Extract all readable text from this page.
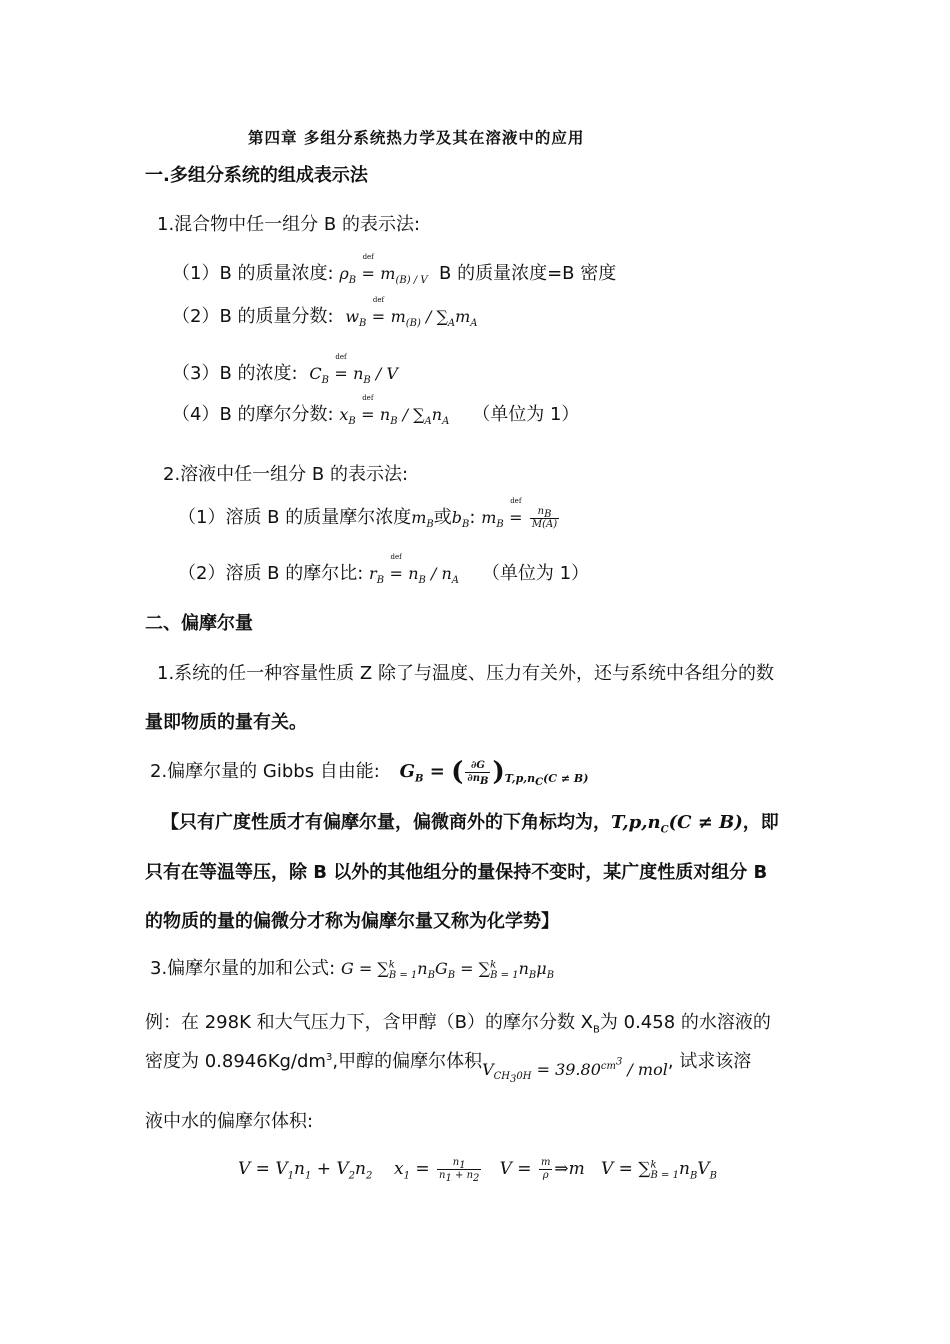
第四章 多组分系统热力学及其在溶液中的应用
一.多组分系统的组成表示法
1.混合物中任一组分 B 的表示法:
（1）B 的质量浓度: $\rho_B$
def
= $m_{(B) / V}$ B 的质量浓度=B 密度
（2）B 的质量分数: $w_B$
def
= $m_{(B)} / \sum_Am_A$
（3）B 的浓度: $C_B$
def
= $n_B$ / V
（4）B 的摩尔分数: $x_B$
def
= $n_B / \sum_An_A$ （单位为 1）
2.溶液中任一组分 B 的表示法:
（1）溶质 B 的质量摩尔浓度$m_B$或$b_B$: $m_B$
def
= $\frac{n_B}{M(A)}$
（2）溶质 B 的摩尔比: $r_B$
def
= $n_B / n_A$ （单位为 1）
二、偏摩尔量
1.系统的任一种容量性质 Z 除了与温度、压力有关外，还与系统中各组分的数
量即物质的量有关。
2.偏摩尔量的 Gibbs 自由能: $G_B$ = ( $\frac{\partial G}{\partial n_B} )_{T,p,n_C(C \ne B)}$
【只有广度性质才有偏摩尔量，偏微商外的下角标均为，$T,p,n_C(C \ne B)$，即
只有在等温等压，除 B 以外的其他组分的量保持不变时，某广度性质对组分 B
的物质的量的偏微分才称为偏摩尔量又称为化学势】
3.偏摩尔量的加和公式: $G = \sum^k_{B = 1}n_BG_B = \sum^k_{B = 1}n_B\mu_B$
例：在 298K 和大气压力下，含甲醇（B）的摩尔分数 $X_B$为 0.458 的水溶液的
密度为 $0.8946Kg/dm^3$,甲醇的偏摩尔体积$V_{CH_30H} = 39.80^{cm^3}$ / mol, 试求该溶
液中水的偏摩尔体积:
$V = V_1n_1 + V_2n_2$    $x_1 = \frac{n_1}{n_1 + n_2}$ $V = \frac{m}{\rho}$ ⇒m   $V = \sum^k_{B = 1}n_BV_B$
